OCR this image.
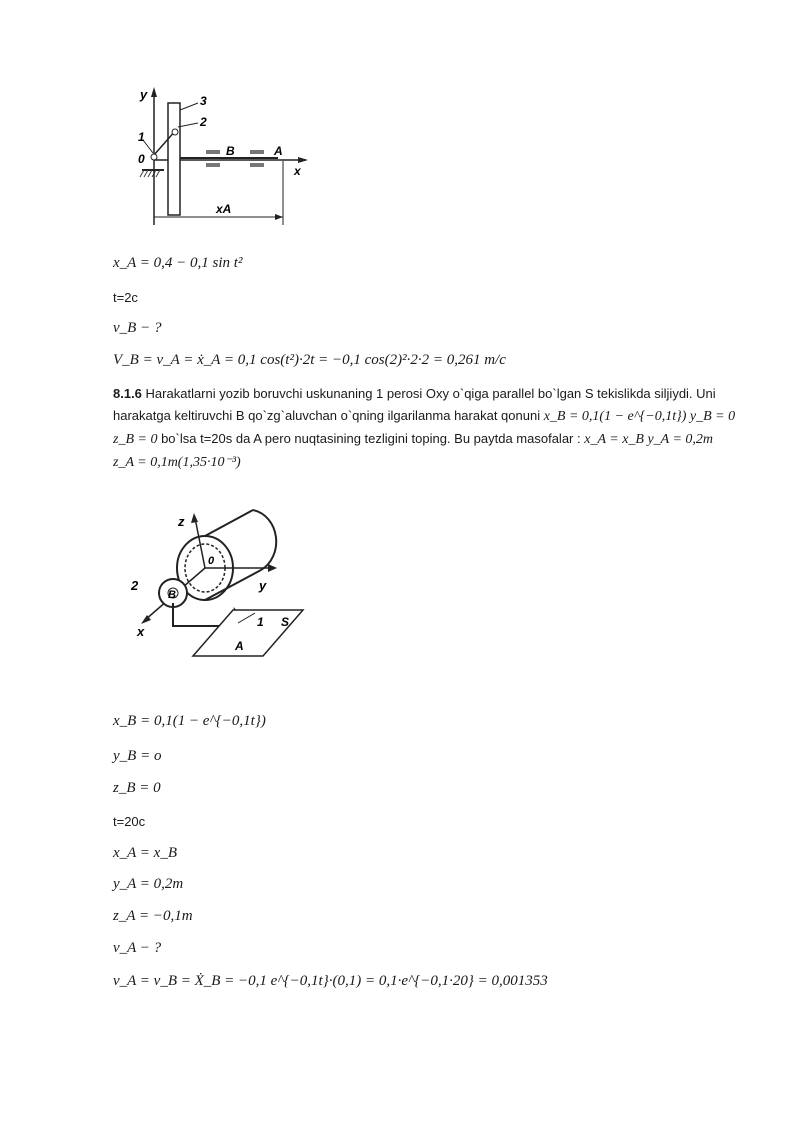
y	3
2
1
0
B	A
x
xA
x_A = 0,4 − 0,1 sin t²
t=2c
v_B − ?
V_B = v_A = ẋ_A = 0,1 cos(t²)·2t = −0,1 cos(2)²·2·2 = 0,261 m/c
8.1.6 Harakatlarni yozib boruvchi uskunaning 1 perosi Oxy o`qiga parallel bo`lgan S tekislikda siljiydi. Uni
harakatga keltiruvchi B qo`zg`aluvchan o`qning ilgarilanma harakat qonuni x_B = 0,1(1 − e^{−0,1t}) y_B = 0
z_B = 0 bo`lsa t=20s da A pero nuqtasining tezligini toping. Bu paytda masofalar : x_A = x_B y_A = 0,2m
z_A = 0,1m(1,35·10⁻³)
z
0
2
B
y
x
1 S
A
x_B = 0,1(1 − e^{−0,1t})
y_B = o
z_B = 0
t=20c
x_A = x_B
y_A = 0,2m
z_A = −0,1m
v_A − ?
v_A = v_B = Ẋ_B = −0,1 e^{−0,1t}·(0,1) = 0,1·e^{−0,1·20} = 0,001353
